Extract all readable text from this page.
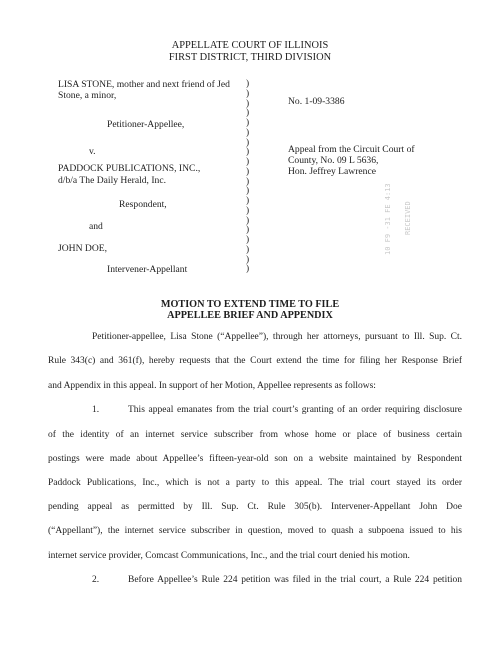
APPELLATE COURT OF ILLINOIS
FIRST DISTRICT, THIRD DIVISION
LISA STONE, mother and next friend of Jed
Stone, a minor,
Petitioner-Appellee,
v.
PADDOCK PUBLICATIONS, INC.,
d/b/a The Daily Herald, Inc.
Respondent,
and
JOHN DOE,
Intervener-Appellant
)
)
)
)
)
)
)
)
)
)
)
)
)
)
)
)
)
)
)
)
No. 1-09-3386
Appeal from the Circuit Court of
County, No. 09 L 5636,
Hon. Jeffrey Lawrence
10 F9 -31 FE 4:13 RECEIVED
MOTION TO EXTEND TIME TO FILE
APPELLEE BRIEF AND APPENDIX
Petitioner-appellee, Lisa Stone (“Appellee”), through her attorneys, pursuant to Ill. Sup. Ct.
Rule 343(c) and 361(f), hereby requests that the Court extend the time for filing her Response Brief
and Appendix in this appeal. In support of her Motion, Appellee represents as follows:
1.	This appeal emanates from the trial court’s granting of an order requiring disclosure
of the identity of an internet service subscriber from whose home or place of business certain
postings were made about Appellee’s fifteen-year-old son on a website maintained by Respondent
Paddock Publications, Inc., which is not a party to this appeal. The trial court stayed its order
pending appeal as permitted by Ill. Sup. Ct. Rule 305(b). Intervener-Appellant John Doe
(“Appellant”), the internet service subscriber in question, moved to quash a subpoena issued to his
internet service provider, Comcast Communications, Inc., and the trial court denied his motion.
2.	Before Appellee’s Rule 224 petition was filed in the trial court, a Rule 224 petition
